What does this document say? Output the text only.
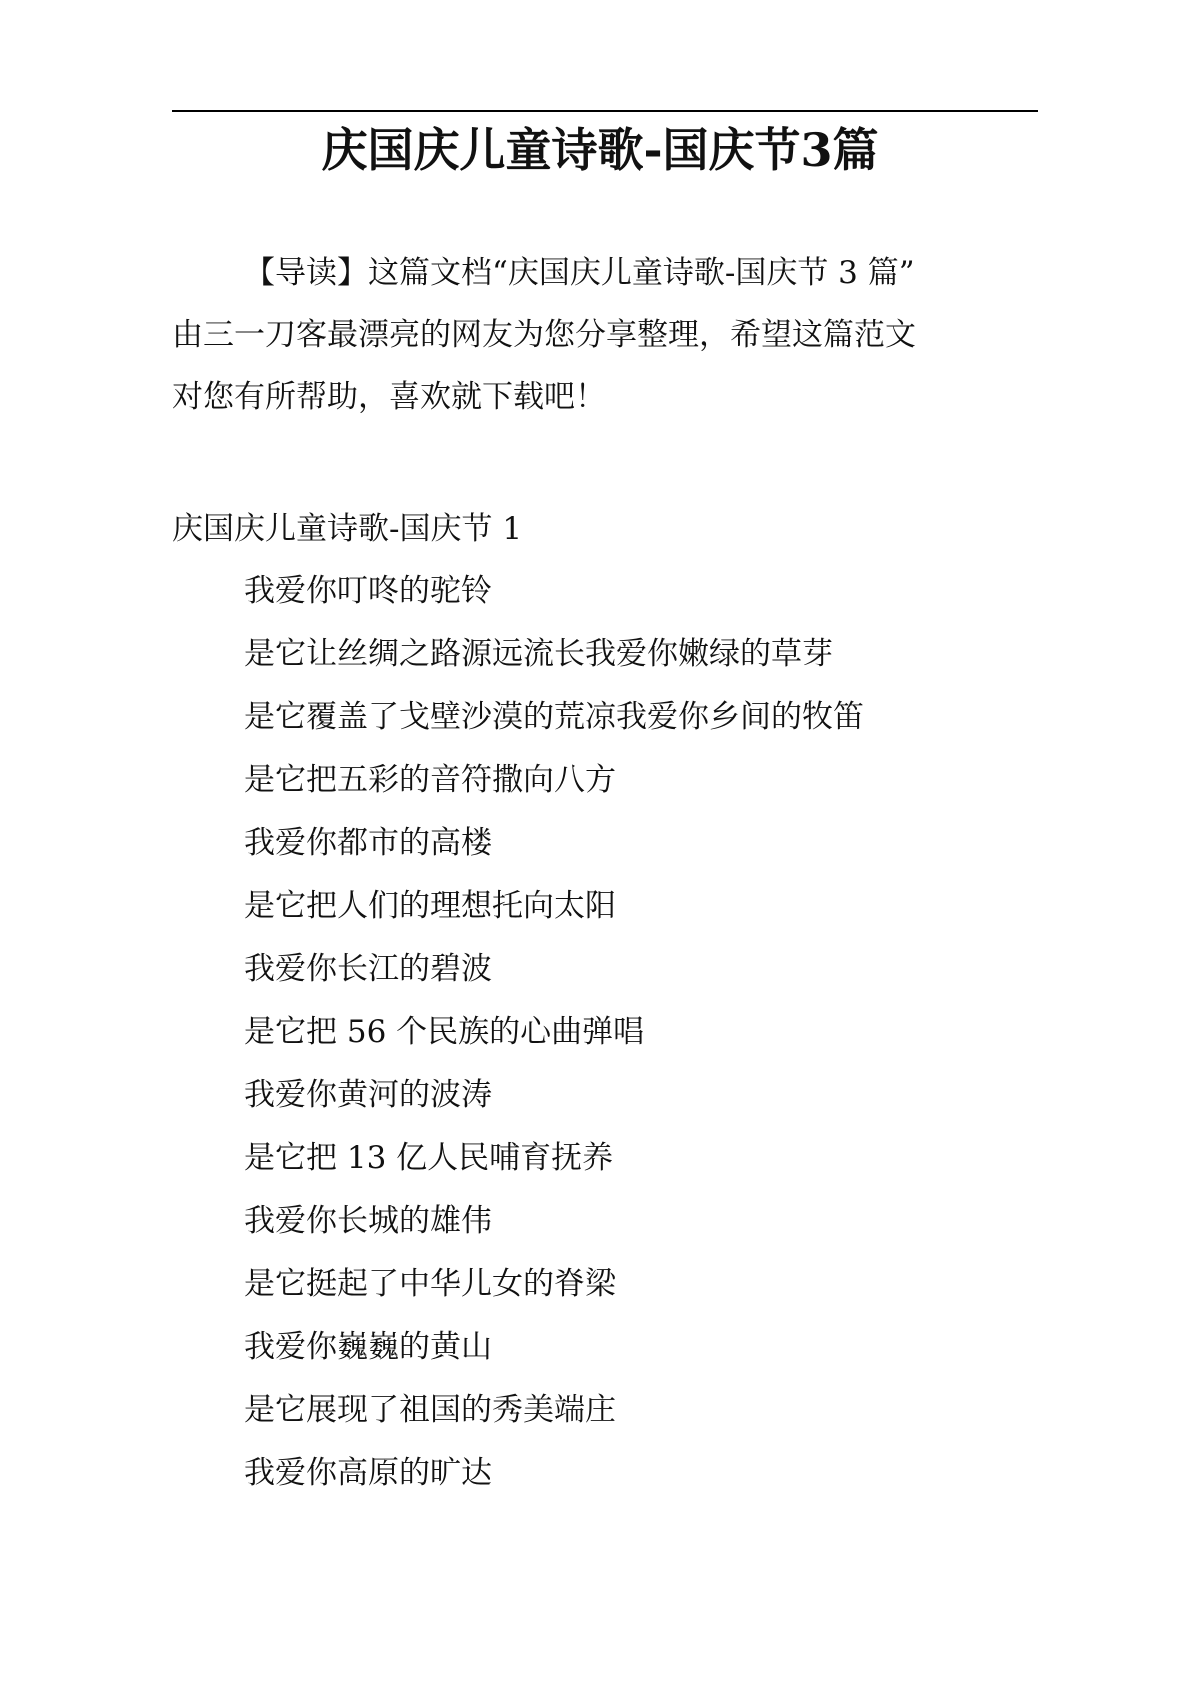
庆国庆儿童诗歌-国庆节3篇

【导读】这篇文档“庆国庆儿童诗歌-国庆节 3 篇”

由三一刀客最漂亮的网友为您分享整理，希望这篇范文

对您有所帮助，喜欢就下载吧！

庆国庆儿童诗歌-国庆节 1
我爱你叮咚的驼铃
是它让丝绸之路源远流长我爱你嫩绿的草芽
是它覆盖了戈壁沙漠的荒凉我爱你乡间的牧笛
是它把五彩的音符撒向八方
我爱你都市的高楼
是它把人们的理想托向太阳
我爱你长江的碧波
是它把 56 个民族的心曲弹唱
我爱你黄河的波涛
是它把 13 亿人民哺育抚养
我爱你长城的雄伟
是它挺起了中华儿女的脊梁
我爱你巍巍的黄山
是它展现了祖国的秀美端庄
我爱你高原的旷达
